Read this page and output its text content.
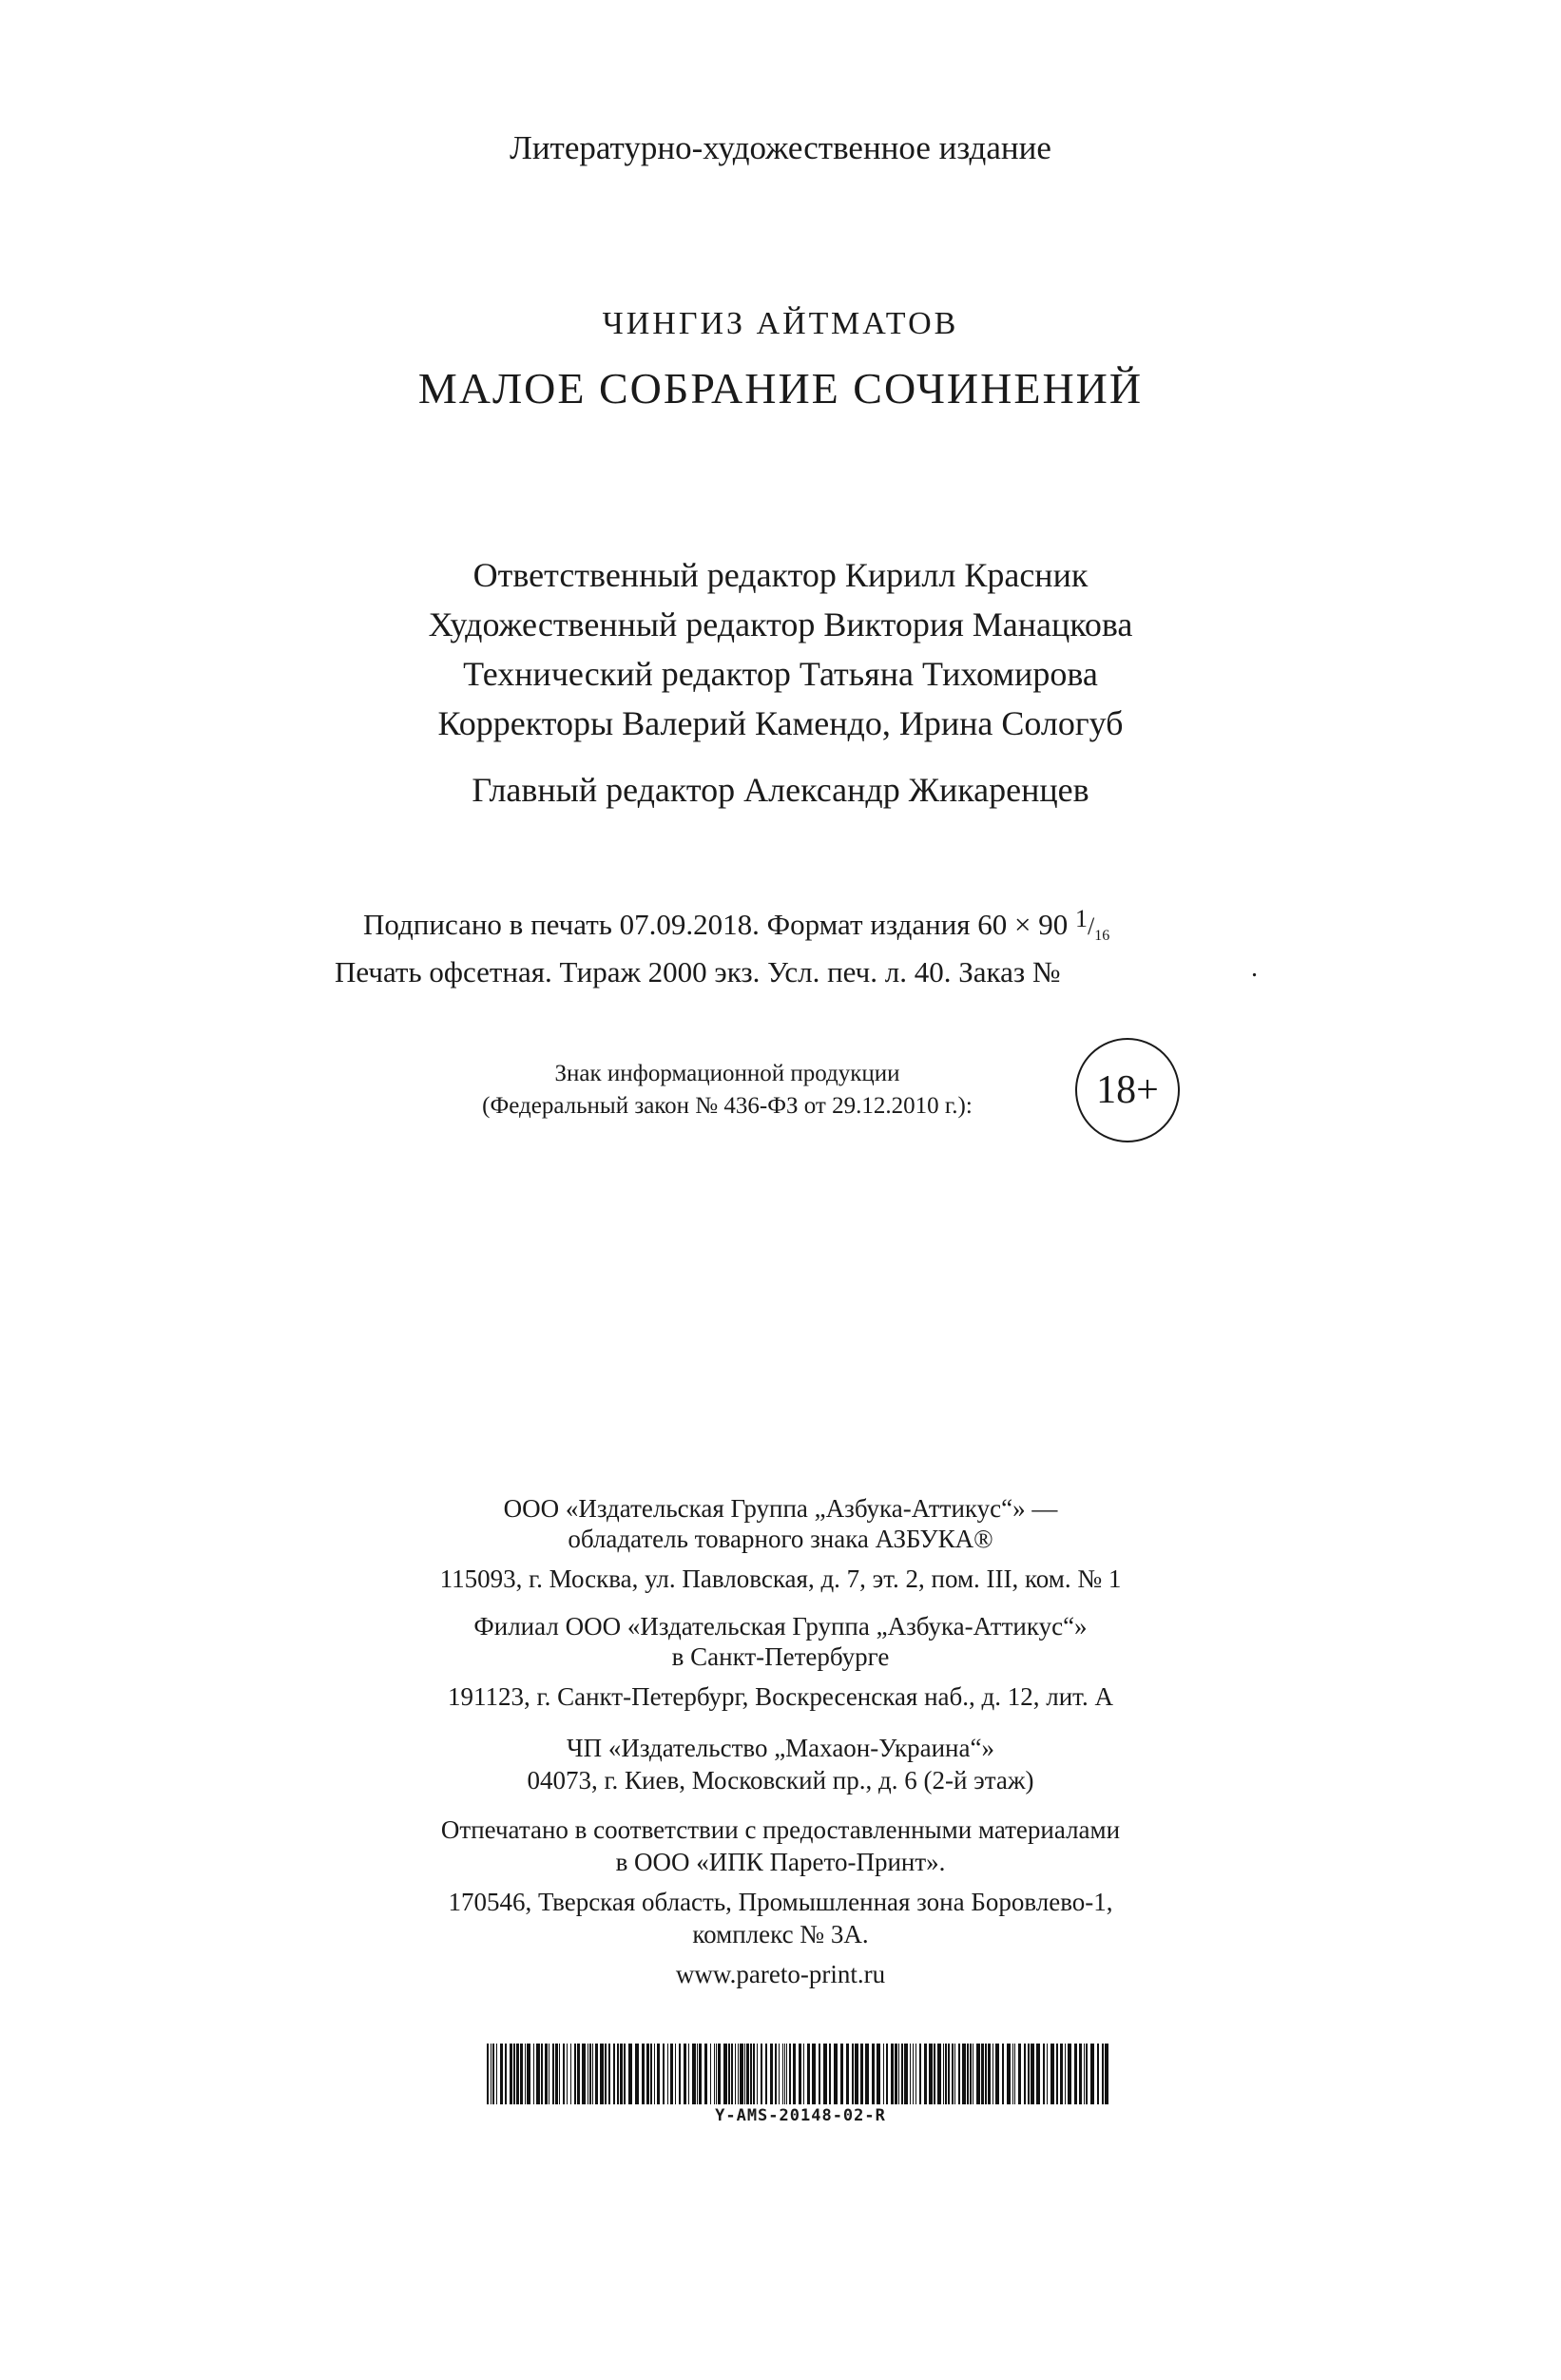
Литературно-художественное издание
ЧИНГИЗ АЙТМАТОВ
МАЛОЕ СОБРАНИЕ СОЧИНЕНИЙ
Ответственный редактор Кирилл Красник
Художественный редактор Виктория Манацкова
Технический редактор Татьяна Тихомирова
Корректоры Валерий Камендо, Ирина Сологуб
Главный редактор Александр Жикаренцев
Подписано в печать 07.09.2018. Формат издания 60 × 90 $^1$/16
Печать офсетная. Тираж 2000 экз. Усл. печ. л. 40. Заказ №	.
Знак информационной продукции
(Федеральный закон № 436-ФЗ от 29.12.2010 г.):	18+
ООО «Издательская Группа „Азбука-Аттикус“» —
обладатель товарного знака АЗБУКА®
115093, г. Москва, ул. Павловская, д. 7, эт. 2, пом. III, ком. № 1
Филиал ООО «Издательская Группа „Азбука-Аттикус“»
в Санкт-Петербурге
191123, г. Санкт-Петербург, Воскресенская наб., д. 12, лит. А
ЧП «Издательство „Махаон-Украина“»
04073, г. Киев, Московский пр., д. 6 (2-й этаж)
Отпечатано в соответствии с предоставленными материалами
в ООО «ИПК Парето-Принт».
170546, Тверская область, Промышленная зона Боровлево-1,
комплекс № 3А.
www.pareto-print.ru
Y-AMS-20148-02-R
